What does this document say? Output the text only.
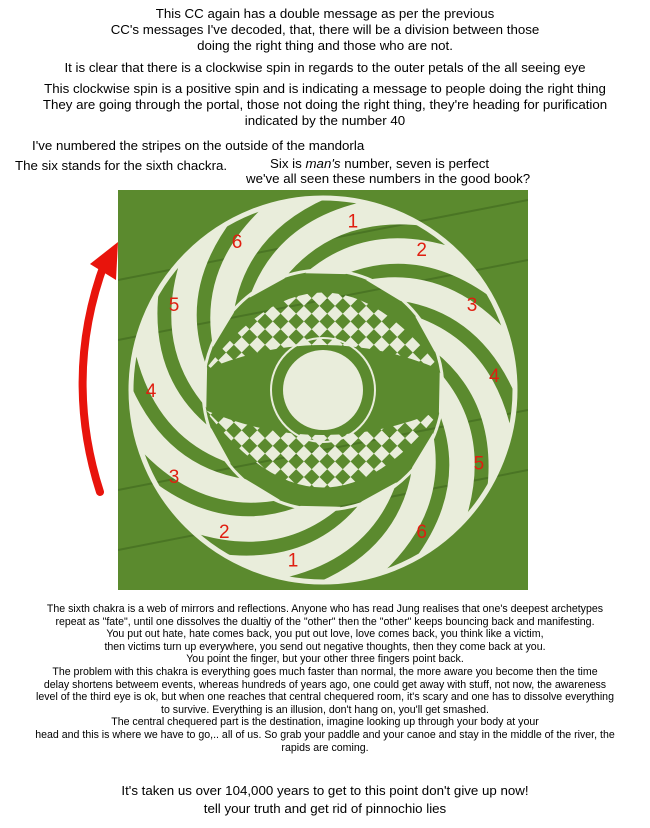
This CC again has a double message as per the previous
CC's messages I've decoded, that, there will be a division between those
doing the right thing and those who are not.
It is clear that there is a clockwise spin in regards to the outer petals of the all seeing eye
This clockwise spin is a positive spin and is indicating a message to people doing the right thing
They are going through the portal, those not doing the right thing, they're heading for purification
indicated by the number 40
I've numbered the stripes on the outside of the mandorla
The six stands for the sixth chackra.	Six is man's number, seven is perfect
we've all seen these numbers in the good book?
1
2
3
4
5
6
1
2
3
4
5
6
The sixth chakra is a web of mirrors and reflections. Anyone who has read Jung realises that one's deepest archetypes
repeat as "fate", until one dissolves the dualtiy of the "other" then the "other" keeps bouncing back and manifesting.
You put out hate, hate comes back, you put out love, love comes back, you think like a victim,
then victims turn up everywhere, you send out negative thoughts, then they come back at you.
You point the finger, but your other three fingers point back.
The problem with this chakra is everything goes much faster than normal, the more aware you become then the time
delay shortens betweem events, whereas hundreds of years ago, one could get away with stuff, not now, the awareness
level of the third eye is ok, but when one reaches that central chequered room, it's scary and one has to dissolve everything
to survive. Everything is an illusion, don't hang on, you'll get smashed.
The central chequered part is the destination, imagine looking up through your body at your
head and this is where we have to go,.. all of us. So grab your paddle and your canoe and stay in the middle of the river, the
rapids are coming.
It's taken us over 104,000 years to get to this point don't give up now!
tell your truth and get rid of pinnochio lies
